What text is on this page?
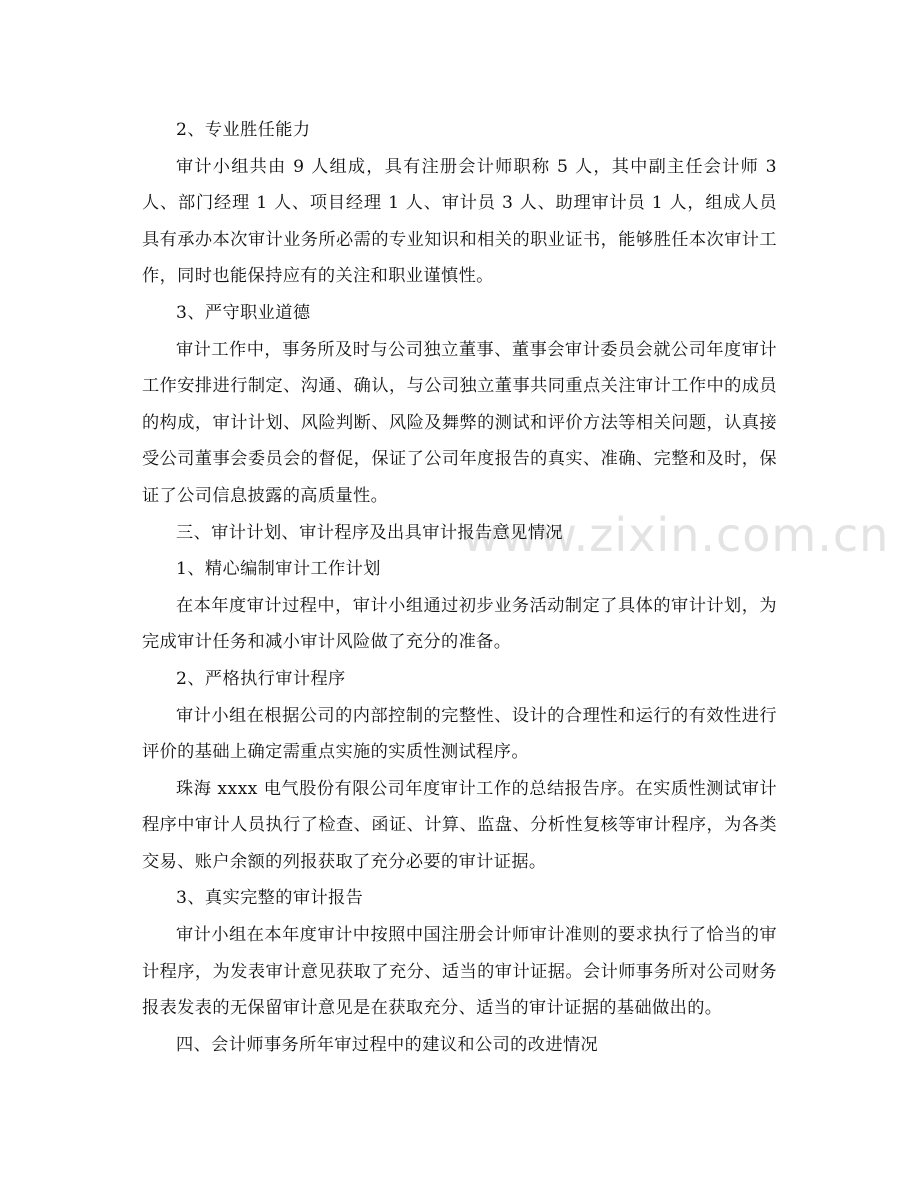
www.zixin.com.cn

2、专业胜任能力

审计小组共由 9 人组成，具有注册会计师职称 5 人，其中副主任会计师 3 人、部门经理 1 人、项目经理 1 人、审计员 3 人、助理审计员 1 人，组成人员具有承办本次审计业务所必需的专业知识和相关的职业证书，能够胜任本次审计工作，同时也能保持应有的关注和职业谨慎性。

3、严守职业道德

审计工作中，事务所及时与公司独立董事、董事会审计委员会就公司年度审计工作安排进行制定、沟通、确认，与公司独立董事共同重点关注审计工作中的成员的构成，审计计划、风险判断、风险及舞弊的测试和评价方法等相关问题，认真接受公司董事会委员会的督促，保证了公司年度报告的真实、准确、完整和及时，保证了公司信息披露的高质量性。

三、审计计划、审计程序及出具审计报告意见情况

1、精心编制审计工作计划

在本年度审计过程中，审计小组通过初步业务活动制定了具体的审计计划，为完成审计任务和减小审计风险做了充分的准备。

2、严格执行审计程序

审计小组在根据公司的内部控制的完整性、设计的合理性和运行的有效性进行评价的基础上确定需重点实施的实质性测试程序。

珠海 xxxx 电气股份有限公司年度审计工作的总结报告序。在实质性测试审计程序中审计人员执行了检查、函证、计算、监盘、分析性复核等审计程序，为各类交易、账户余额的列报获取了充分必要的审计证据。

3、真实完整的审计报告

审计小组在本年度审计中按照中国注册会计师审计准则的要求执行了恰当的审计程序，为发表审计意见获取了充分、适当的审计证据。会计师事务所对公司财务报表发表的无保留审计意见是在获取充分、适当的审计证据的基础做出的。

四、会计师事务所年审过程中的建议和公司的改进情况
